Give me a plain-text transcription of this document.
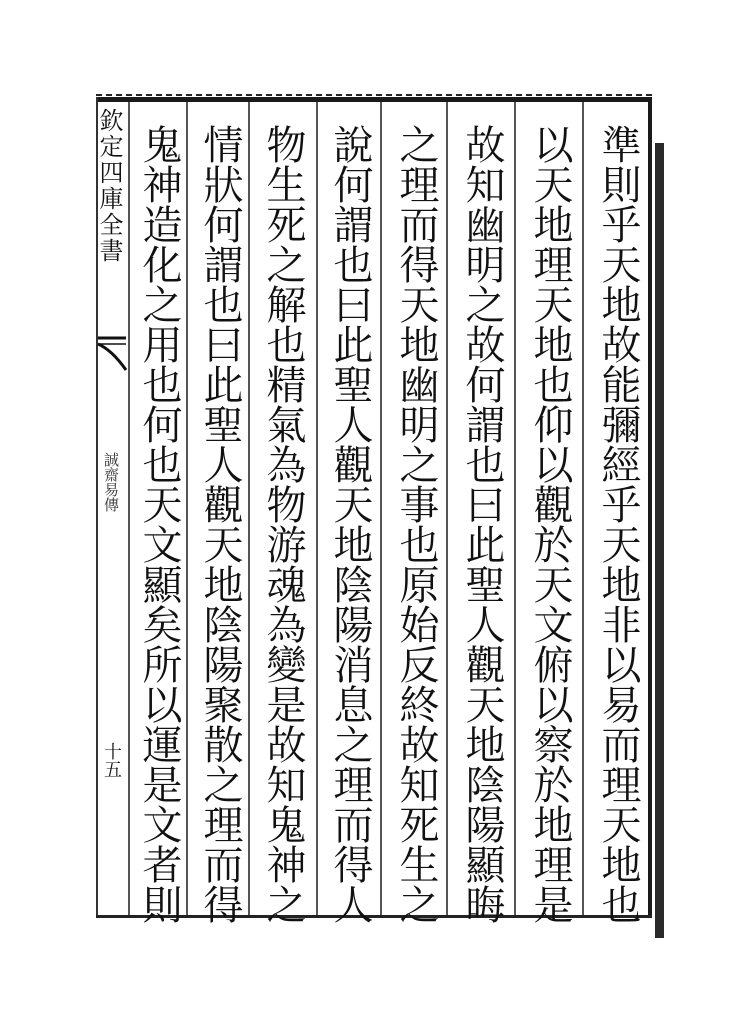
欽定四庫全書
誠齋易傳
十五	準則乎天地故能彌經乎天地非以易而理天地也
以天地理天地也仰以觀於天文俯以察於地理是
故知幽明之故何謂也曰此聖人觀天地陰陽顯晦
之理而得天地幽明之事也原始反終故知死生之
說何謂也曰此聖人觀天地陰陽消息之理而得人
物生死之解也精氣為物游魂為變是故知鬼神之
情狀何謂也曰此聖人觀天地陰陽聚散之理而得
鬼神造化之用也何也天文顯矣所以運是文者則
